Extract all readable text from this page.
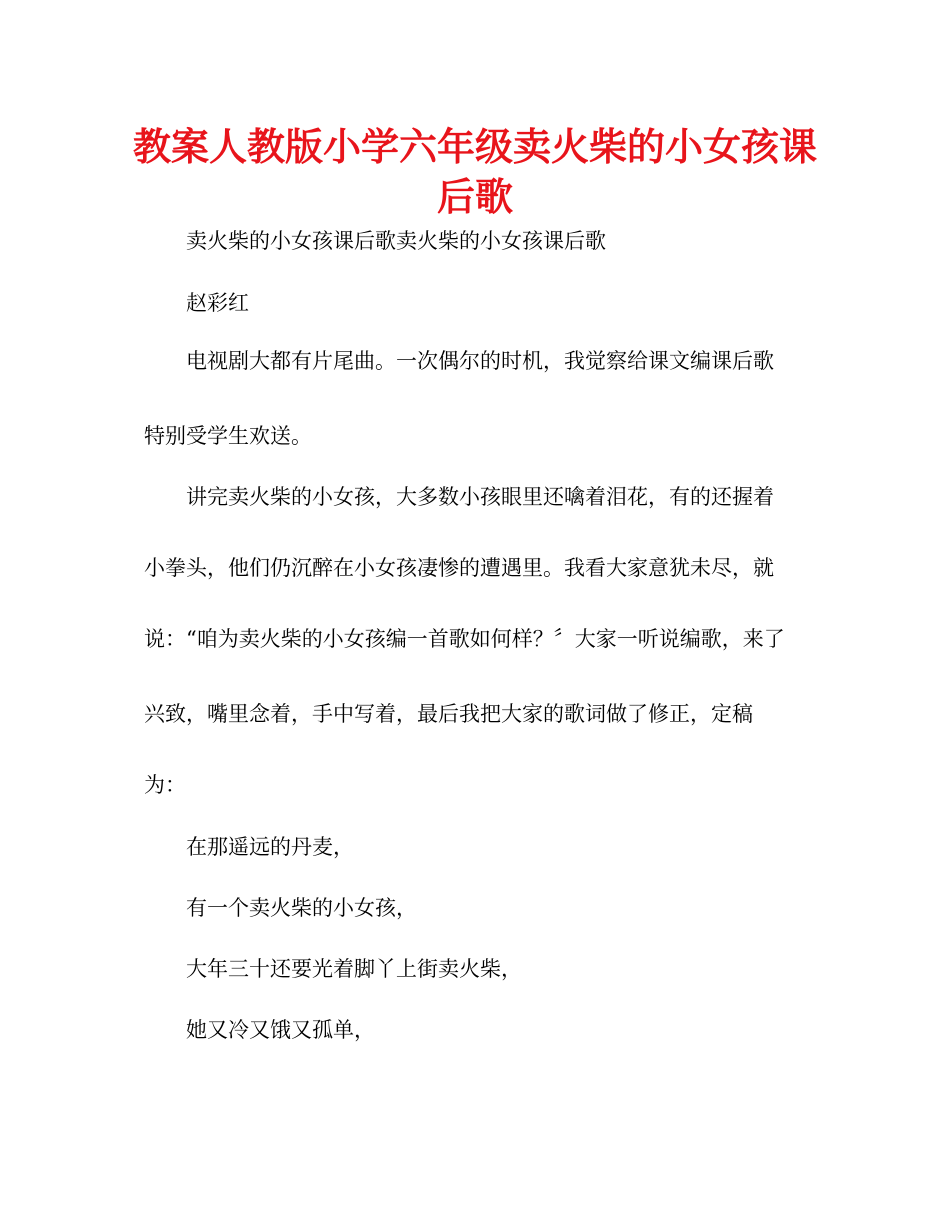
教案人教版小学六年级卖火柴的小女孩课
后歌

卖火柴的小女孩课后歌卖火柴的小女孩课后歌

赵彩红

电视剧大都有片尾曲。一次偶尔的时机，我觉察给课文编课后歌

特别受学生欢送。

讲完卖火柴的小女孩，大多数小孩眼里还噙着泪花，有的还握着

小拳头，他们仍沉醉在小女孩凄惨的遭遇里。我看大家意犹未尽，就

说：“咱为卖火柴的小女孩编一首歌如何样？〞大家一听说编歌，来了

兴致，嘴里念着，手中写着，最后我把大家的歌词做了修正，定稿

为：

在那遥远的丹麦，

有一个卖火柴的小女孩，

大年三十还要光着脚丫上街卖火柴，

她又冷又饿又孤单，
